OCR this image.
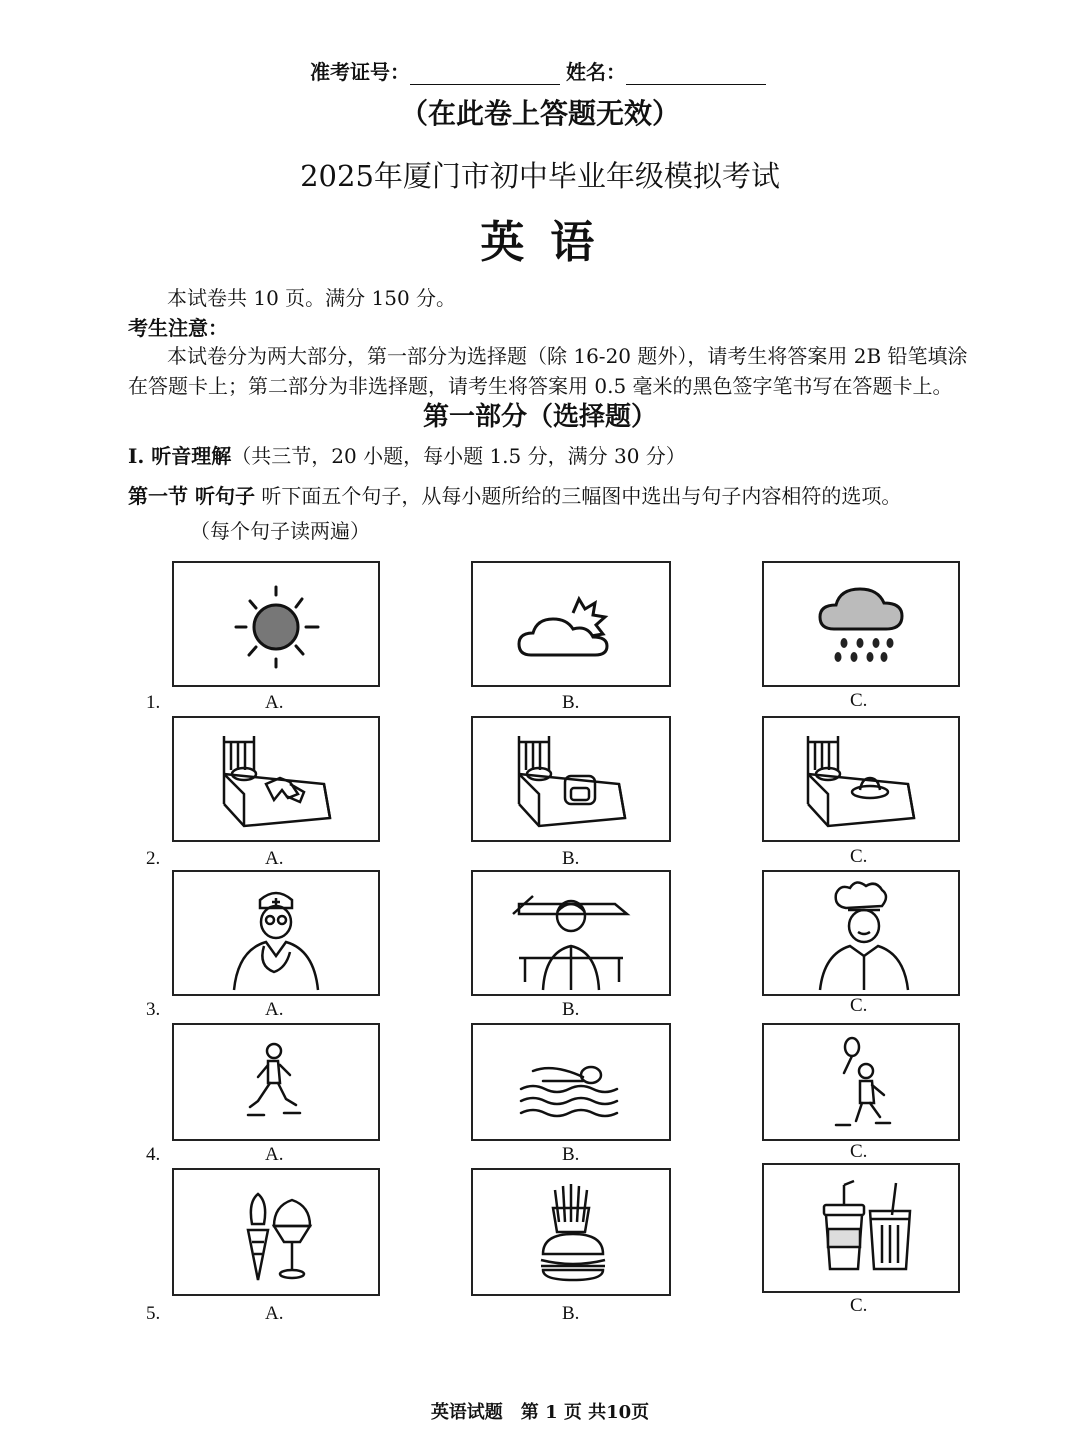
准考证号：	姓名：
（在此卷上答题无效）
2025年厦门市初中毕业年级模拟考试
英 语
本试卷共 10 页。满分 150 分。
考生注意：
本试卷分为两大部分，第一部分为选择题（除 16-20 题外），请考生将答案用 2B 铅笔填涂
在答题卡上；第二部分为非选择题，请考生将答案用 0.5 毫米的黑色签字笔书写在答题卡上。
第一部分（选择题）
I. 听音理解（共三节，20 小题，每小题 1.5 分，满分 30 分）
第一节 听句子 听下面五个句子，从每小题所给的三幅图中选出与句子内容相符的选项。
（每个句子读两遍）
1.	A.	B.	C.
2.	A.	B.	C.
3.	A.	B.	C.
4.	A.	B.	C.
5.	A.	B.	C.
英语试题　第 1 页 共10页
